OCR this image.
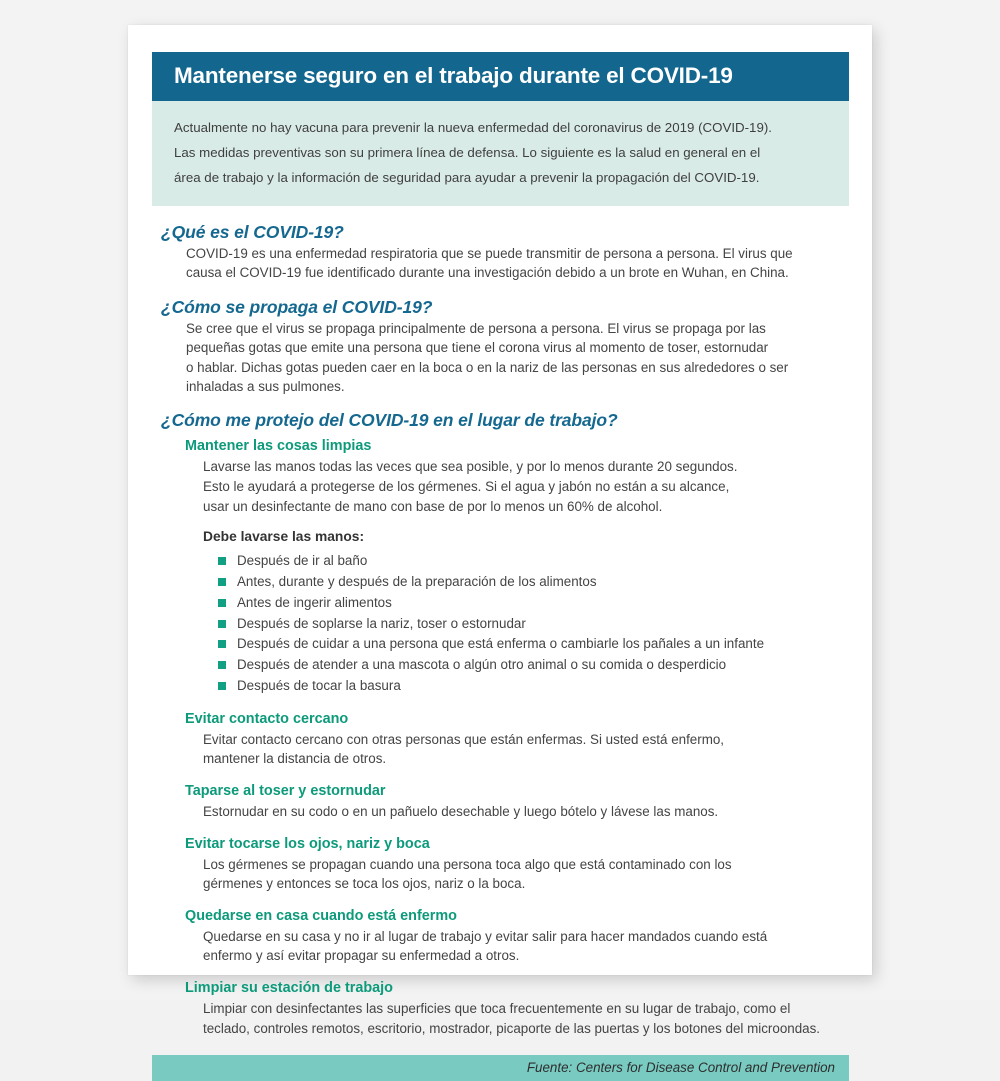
Mantenerse seguro en el trabajo durante el COVID-19
Actualmente no hay vacuna para prevenir la nueva enfermedad del coronavirus de 2019 (COVID-19).
Las medidas preventivas son su primera línea de defensa. Lo siguiente es la salud en general en el
área de trabajo y la información de seguridad para ayudar a prevenir la propagación del COVID-19.
¿Qué es el COVID-19?

COVID-19 es una enfermedad respiratoria que se puede transmitir de persona a persona. El virus que
causa el COVID-19 fue identificado durante una investigación debido a un brote en Wuhan, en China.

¿Cómo se propaga el COVID-19?

Se cree que el virus se propaga principalmente de persona a persona. El virus se propaga por las
pequeñas gotas que emite una persona que tiene el corona virus al momento de toser, estornudar
o hablar. Dichas gotas pueden caer en la boca o en la nariz de las personas en sus alrededores o ser
inhaladas a sus pulmones.

¿Cómo me protejo del COVID-19 en el lugar de trabajo?
Mantener las cosas limpias

Lavarse las manos todas las veces que sea posible, y por lo menos durante 20 segundos.
Esto le ayudará a protegerse de los gérmenes. Si el agua y jabón no están a su alcance,
usar un desinfectante de mano con base de por lo menos un 60% de alcohol.

Debe lavarse las manos:
Después de ir al baño
Antes, durante y después de la preparación de los alimentos
Antes de ingerir alimentos
Después de soplarse la nariz, toser o estornudar
Después de cuidar a una persona que está enferma o cambiarle los pañales a un infante
Después de atender a una mascota o algún otro animal o su comida o desperdicio
Después de tocar la basura
Evitar contacto cercano

Evitar contacto cercano con otras personas que están enfermas. Si usted está enfermo,
mantener la distancia de otros.

Taparse al toser y estornudar

Estornudar en su codo o en un pañuelo desechable y luego bótelo y lávese las manos.

Evitar tocarse los ojos, nariz y boca

Los gérmenes se propagan cuando una persona toca algo que está contaminado con los
gérmenes y entonces se toca los ojos, nariz o la boca.

Quedarse en casa cuando está enfermo

Quedarse en su casa y no ir al lugar de trabajo y evitar salir para hacer mandados cuando está
enfermo y así evitar propagar su enfermedad a otros.

Limpiar su estación de trabajo

Limpiar con desinfectantes las superficies que toca frecuentemente en su lugar de trabajo, como el
teclado, controles remotos, escritorio, mostrador, picaporte de las puertas y los botones del microondas.

Fuente: Centers for Disease Control and Prevention
